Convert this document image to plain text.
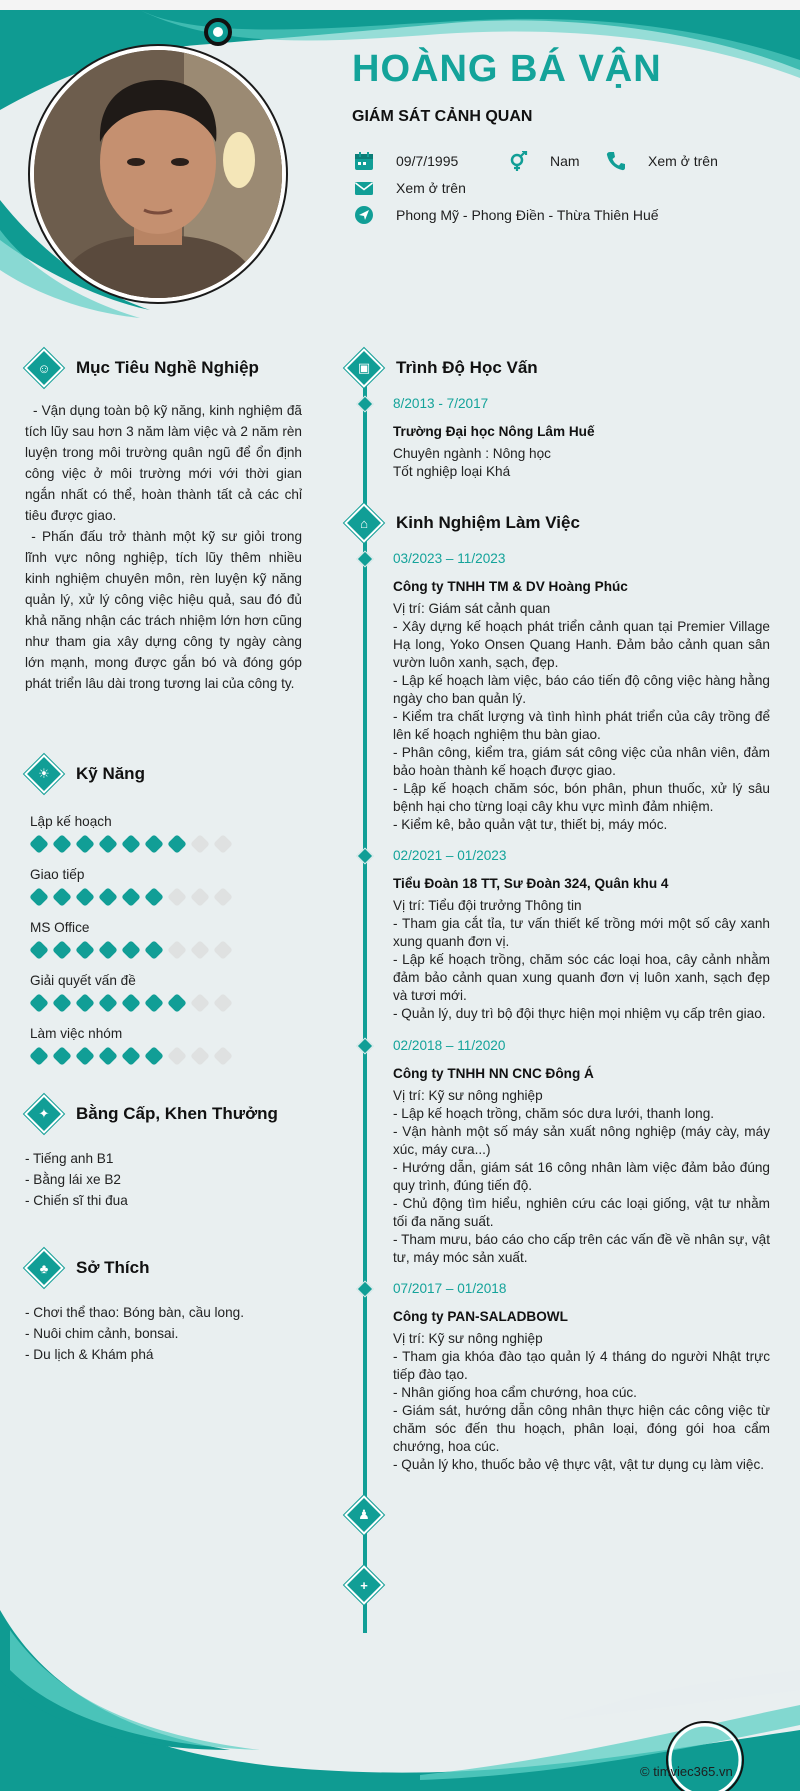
HOÀNG BÁ VẬN
GIÁM SÁT CẢNH QUAN
09/7/1995	Nam	Xem ở trên
Xem ở trên
Phong Mỹ - Phong Điền - Thừa Thiên Huế
☺	Mục Tiêu Nghề Nghiệp
- Vận dụng toàn bộ kỹ năng, kinh nghiệm đã tích lũy sau hơn 3 năm làm việc và 2 năm rèn luyện trong môi trường quân ngũ để ổn định công việc ở môi trường mới với thời gian ngắn nhất có thể, hoàn thành tất cả các chỉ tiêu được giao.
- Phấn đấu trở thành một kỹ sư giỏi trong lĩnh vực nông nghiệp, tích lũy thêm nhiều kinh nghiệm chuyên môn, rèn luyện kỹ năng quản lý, xử lý công việc hiệu quả, sau đó đủ khả năng nhận các trách nhiệm lớn hơn cũng như tham gia xây dựng công ty ngày càng lớn mạnh, mong được gắn bó và đóng góp phát triển lâu dài trong tương lai của công ty.
☀	Kỹ Năng
Lập kế hoạch
Giao tiếp
MS Office
Giải quyết vấn đề
Làm việc nhóm
✦	Bằng Cấp, Khen Thưởng
- Tiếng anh B1
- Bằng lái xe B2
- Chiến sĩ thi đua
♣	Sở Thích
- Chơi thể thao: Bóng bàn, cầu long.
- Nuôi chim cảnh, bonsai.
- Du lịch & Khám phá
▣	Trình Độ Học Vấn
8/2013 - 7/2017
Trường Đại học Nông Lâm Huế
Chuyên ngành : Nông học
Tốt nghiệp loại Khá
⌂	Kinh Nghiệm Làm Việc
03/2023 – 11/2023
Công ty TNHH TM & DV Hoàng Phúc
Vị trí: Giám sát cảnh quan
- Xây dựng kế hoạch phát triển cảnh quan tại Premier Village Hạ long, Yoko Onsen Quang Hanh. Đảm bảo cảnh quan sân vườn luôn xanh, sạch, đẹp.
- Lập kế hoạch làm việc, báo cáo tiến độ công việc hàng hằng ngày cho ban quản lý.
- Kiểm tra chất lượng và tình hình phát triển của cây trồng để lên kế hoạch nghiệm thu bàn giao.
- Phân công, kiểm tra, giám sát công việc của nhân viên, đảm bảo hoàn thành kế hoạch được giao.
- Lập kế hoạch chăm sóc, bón phân, phun thuốc, xử lý sâu bệnh hại cho từng loại cây khu vực mình đảm nhiệm.
- Kiểm kê, bảo quản vật tư, thiết bị, máy móc.
02/2021 – 01/2023
Tiểu Đoàn 18 TT, Sư Đoàn 324, Quân khu 4
Vị trí: Tiểu đội trưởng Thông tin
- Tham gia cắt tỉa, tư vấn thiết kế trồng mới một số cây xanh xung quanh đơn vị.
- Lập kế hoạch trồng, chăm sóc các loại hoa, cây cảnh nhằm đảm bảo cảnh quan xung quanh đơn vị luôn xanh, sạch đẹp và tươi mới.
- Quản lý, duy trì bộ đội thực hiện mọi nhiệm vụ cấp trên giao.
02/2018 – 11/2020
Công ty TNHH NN CNC Đông Á
Vị trí: Kỹ sư nông nghiệp
- Lập kế hoạch trồng, chăm sóc dưa lưới, thanh long.
- Vận hành một số máy sản xuất nông nghiệp (máy cày, máy xúc, máy cưa...)
- Hướng dẫn, giám sát 16 công nhân làm việc đảm bảo đúng quy trình, đúng tiến độ.
- Chủ động tìm hiểu, nghiên cứu các loại giống, vật tư nhằm tối đa năng suất.
- Tham mưu, báo cáo cho cấp trên các vấn đề về nhân sự, vật tư, máy móc sản xuất.
07/2017 – 01/2018
Công ty PAN-SALADBOWL
Vị trí: Kỹ sư nông nghiệp
- Tham gia khóa đào tạo quản lý 4 tháng do người Nhật trực tiếp đào tạo.
- Nhân giống hoa cẩm chướng, hoa cúc.
- Giám sát, hướng dẫn công nhân thực hiện các công việc từ chăm sóc đến thu hoạch, phân loại, đóng gói hoa cẩm chướng, hoa cúc.
- Quản lý kho, thuốc bảo vệ thực vật, vật tư dụng cụ làm việc.
♟
+
© timviec365.vn
